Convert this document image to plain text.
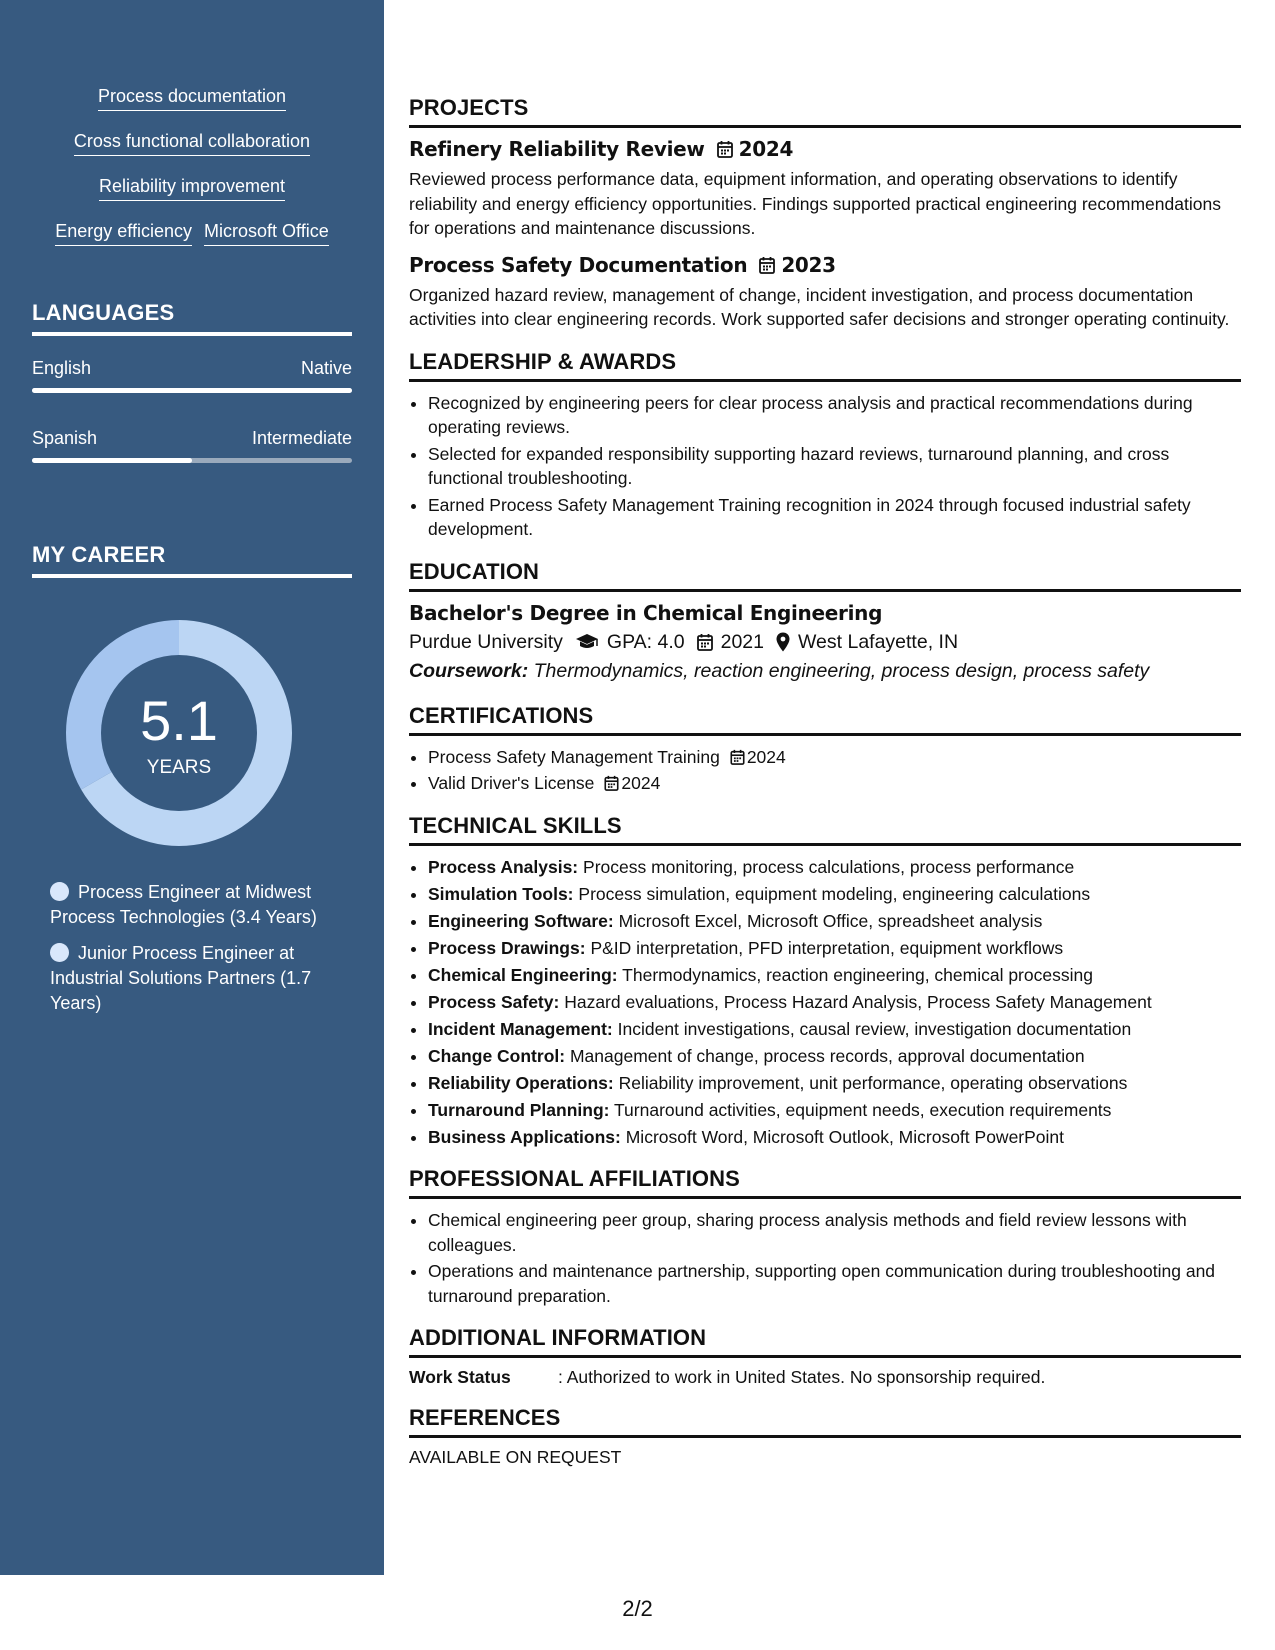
Process documentation
Cross functional collaboration
Reliability improvement
Energy efficiency Microsoft Office
LANGUAGES
English	Native
Spanish	Intermediate
MY CAREER
5.1
YEARS
Process Engineer at Midwest Process Technologies (3.4 Years)
Junior Process Engineer at Industrial Solutions Partners (1.7 Years)
PROJECTS
Refinery Reliability Review 2024
Reviewed process performance data, equipment information, and operating observations to identify reliability and energy efficiency opportunities. Findings supported practical engineering recommendations for operations and maintenance discussions.
Process Safety Documentation 2023
Organized hazard review, management of change, incident investigation, and process documentation activities into clear engineering records. Work supported safer decisions and stronger operating continuity.
LEADERSHIP & AWARDS
• Recognized by engineering peers for clear process analysis and practical recommendations during operating reviews.
• Selected for expanded responsibility supporting hazard reviews, turnaround planning, and cross functional troubleshooting.
• Earned Process Safety Management Training recognition in 2024 through focused industrial safety development.
EDUCATION
Bachelor's Degree in Chemical Engineering
Purdue University GPA: 4.0 2021 West Lafayette, IN
Coursework: Thermodynamics, reaction engineering, process design, process safety
CERTIFICATIONS
• Process Safety Management Training 2024
• Valid Driver's License 2024
TECHNICAL SKILLS
• Process Analysis: Process monitoring, process calculations, process performance
• Simulation Tools: Process simulation, equipment modeling, engineering calculations
• Engineering Software: Microsoft Excel, Microsoft Office, spreadsheet analysis
• Process Drawings: P&ID interpretation, PFD interpretation, equipment workflows
• Chemical Engineering: Thermodynamics, reaction engineering, chemical processing
• Process Safety: Hazard evaluations, Process Hazard Analysis, Process Safety Management
• Incident Management: Incident investigations, causal review, investigation documentation
• Change Control: Management of change, process records, approval documentation
• Reliability Operations: Reliability improvement, unit performance, operating observations
• Turnaround Planning: Turnaround activities, equipment needs, execution requirements
• Business Applications: Microsoft Word, Microsoft Outlook, Microsoft PowerPoint
PROFESSIONAL AFFILIATIONS
• Chemical engineering peer group, sharing process analysis methods and field review lessons with colleagues.
• Operations and maintenance partnership, supporting open communication during troubleshooting and turnaround preparation.
ADDITIONAL INFORMATION
Work Status	: Authorized to work in United States. No sponsorship required.
REFERENCES
AVAILABLE ON REQUEST
2/2
